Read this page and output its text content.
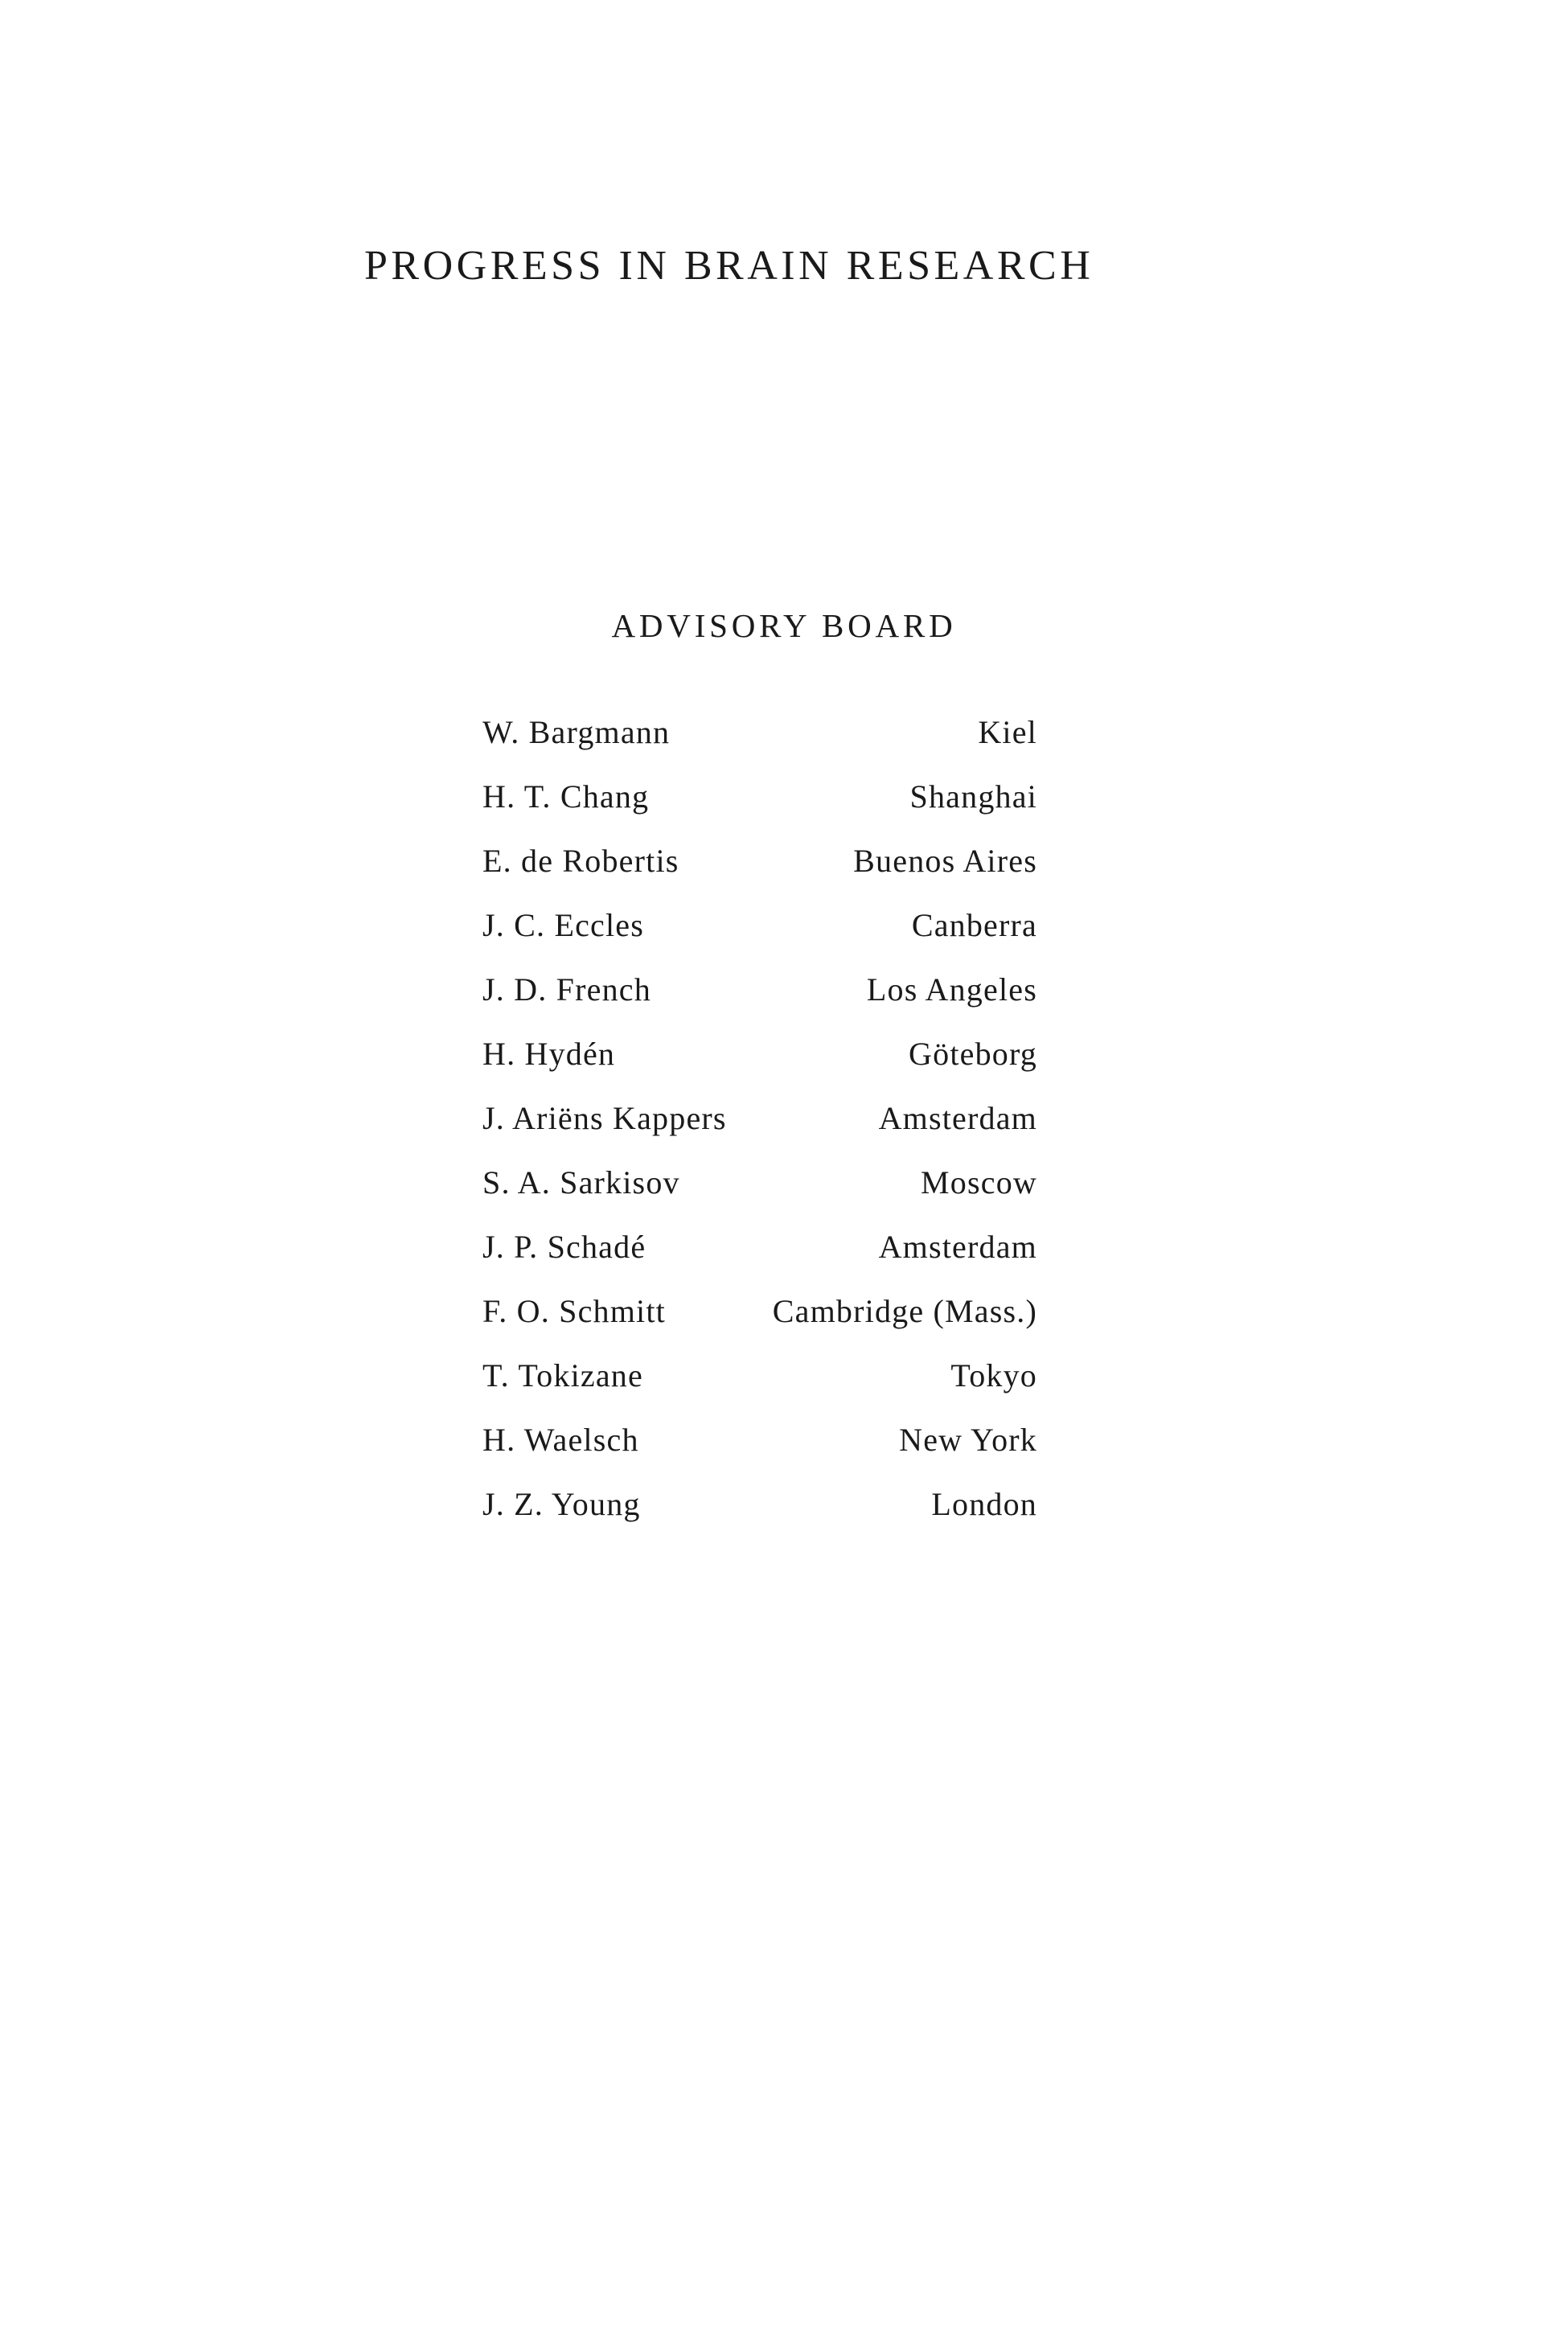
PROGRESS IN BRAIN RESEARCH
ADVISORY BOARD
W. Bargmann	Kiel
H. T. Chang	Shanghai
E. de Robertis	Buenos Aires
J. C. Eccles	Canberra
J. D. French	Los Angeles
H. Hydén	Göteborg
J. Ariëns Kappers	Amsterdam
S. A. Sarkisov	Moscow
J. P. Schadé	Amsterdam
F. O. Schmitt	Cambridge (Mass.)
T. Tokizane	Tokyo
H. Waelsch	New York
J. Z. Young	London
